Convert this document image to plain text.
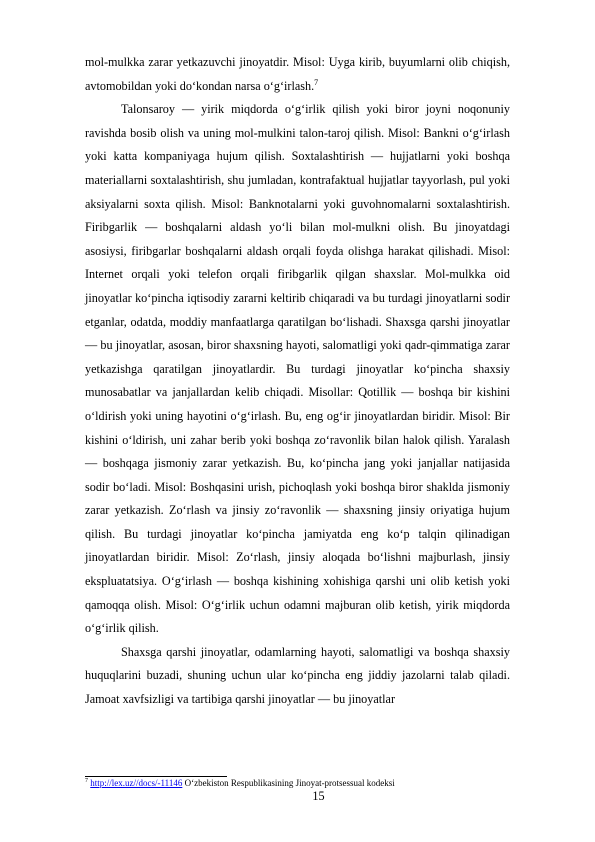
mol-mulkka zarar yetkazuvchi jinoyatdir. Misol: Uyga kirib, buyumlarni olib chiqish, avtomobildan yoki do‘kondan narsa o‘g‘irlash.$^7$

Talonsaroy — yirik miqdorda o‘g‘irlik qilish yoki biror joyni noqonuniy ravishda bosib olish va uning mol-mulkini talon-taroj qilish. Misol: Bankni o‘g‘irlash yoki katta kompaniyaga hujum qilish. Soxtalashtirish — hujjatlarni yoki boshqa materiallarni soxtalashtirish, shu jumladan, kontrafaktual hujjatlar tayyorlash, pul yoki aksiyalarni soxta qilish. Misol: Banknotalarni yoki guvohnomalarni soxtalashtirish. Firibgarlik — boshqalarni aldash yo‘li bilan mol-mulkni olish. Bu jinoyatdagi asosiysi, firibgarlar boshqalarni aldash orqali foyda olishga harakat qilishadi. Misol: Internet orqali yoki telefon orqali firibgarlik qilgan shaxslar. Mol-mulkka oid jinoyatlar ko‘pincha iqtisodiy zararni keltirib chiqaradi va bu turdagi jinoyatlarni sodir etganlar, odatda, moddiy manfaatlarga qaratilgan bo‘lishadi. Shaxsga qarshi jinoyatlar — bu jinoyatlar, asosan, biror shaxsning hayoti, salomatligi yoki qadr-qimmatiga zarar yetkazishga qaratilgan jinoyatlardir. Bu turdagi jinoyatlar ko‘pincha shaxsiy munosabatlar va janjallardan kelib chiqadi. Misollar: Qotillik — boshqa bir kishini o‘ldirish yoki uning hayotini o‘g‘irlash. Bu, eng og‘ir jinoyatlardan biridir. Misol: Bir kishini o‘ldirish, uni zahar berib yoki boshqa zo‘ravonlik bilan halok qilish. Yaralash — boshqaga jismoniy zarar yetkazish. Bu, ko‘pincha jang yoki janjallar natijasida sodir bo‘ladi. Misol: Boshqasini urish, pichoqlash yoki boshqa biror shaklda jismoniy zarar yetkazish. Zo‘rlash va jinsiy zo‘ravonlik — shaxsning jinsiy oriyatiga hujum qilish. Bu turdagi jinoyatlar ko‘pincha jamiyatda eng ko‘p talqin qilinadigan jinoyatlardan biridir. Misol: Zo‘rlash, jinsiy aloqada bo‘lishni majburlash, jinsiy ekspluatatsiya. O‘g‘irlash — boshqa kishining xohishiga qarshi uni olib ketish yoki qamoqqa olish. Misol: O‘g‘irlik uchun odamni majburan olib ketish, yirik miqdorda o‘g‘irlik qilish.

Shaxsga qarshi jinoyatlar, odamlarning hayoti, salomatligi va boshqa shaxsiy huquqlarini buzadi, shuning uchun ular ko‘pincha eng jiddiy jazolarni talab qiladi. Jamoat xavfsizligi va tartibiga qarshi jinoyatlar — bu jinoyatlar

$^7$ http://lex.uz//docs/-11146 O‘zbekiston Respublikasining Jinoyat-protsessual kodeksi
15
